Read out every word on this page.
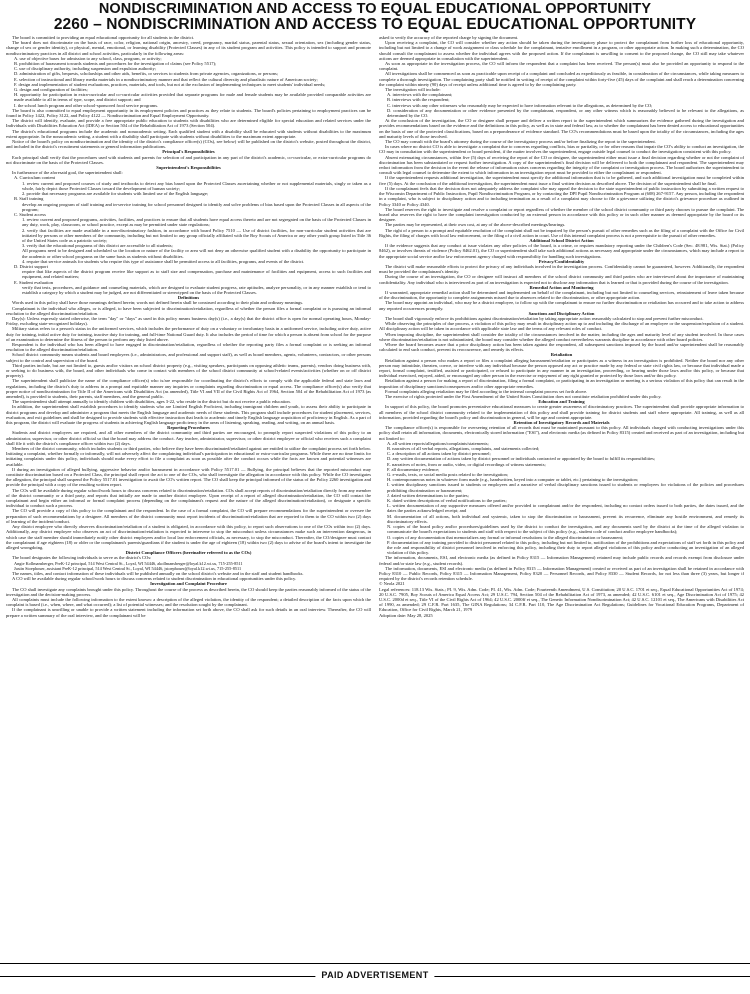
NONDISCRIMINATION AND ACCESS TO EQUAL EDUCATIONAL OPPORTUNITY
2260 – NONDISCRIMINATION AND ACCESS TO EQUAL EDUCATIONAL OPPORTUNITY

The board is committed to providing an equal educational opportunity for all students in the district.

The board does not discriminate on the basis of race, color, religion, national origin, ancestry, creed, pregnancy, marital status, parental status, sexual orientation, sex (including gender status, change of sex or gender identity), or physical, mental, emotional, or learning disability (Protected Classes) in any of its student program and activities. This policy is intended to support and promote nondiscriminatory practices in all district and school activities, particularly in the following areas:

A. use of objective bases for admission to any school, class, program, or activity;

B. prohibition of harassment towards students and procedures for the investigation of claims (see Policy 5517);

C. use of disciplinary authority, including suspension and expulsion authority;

D. administration of gifts, bequests, scholarships and other aids, benefits, or services to students from private agencies, organizations, or persons;

E. selection of instructional and library media materials in a nondiscriminatory manner and that reflect the cultural diversity and pluralistic nature of American society;

F. design and implementation of student evaluations, practices, materials, and tools, but not at the exclusion of implementing techniques to meet students' individual needs;

G. design and configuration of facilities;

H. opportunity for participation in extra-curricular and co-curricular activities provided that separate programs for male and female students may be available provided comparable activities are made available to all in terms of type, scope, and district support; and

I. the school lunch program and other school-sponsored food service programs.

The board is also committed to equal employment opportunity in its employment policies and practices as they relate to students. The board's policies pertaining to employment practices can be found in Policy 1422, Policy 3122, and Policy 4122 — Nondiscrimination and Equal Employment Opportunity.

The district will identify, evaluate, and provide a free appropriate public education to students with disabilities who are determined eligible for special education and related services under the Individuals with Disabilities Education Act (IDEA) or Section 504 of the Rehabilitation Act of 1973 (Section 504).

The district's educational programs include the academic and nonacademic setting. Each qualified student with a disability shall be educated with students without disabilities to the maximum extent appropriate. In the nonacademic setting, a student with a disability shall participate with students without disabilities to the maximum extent appropriate.

Notice of the board's policy on nondiscrimination and the identity of the district's compliance officer(s) (COs), see below) will be published on the district's website, posted throughout the district, and included in the district's recruitment statements or general information publications.

Principal's Responsibilities

Each principal shall verify that the procedures used with students and parents for selection of and participation in any part of the district's academic, co-curricular, or extra-curricular programs do not discriminate on the basis of the Protected Classes.

Superintendent's Responsibilities

In furtherance of the aforesaid goal, the superintendent shall:

A. Curriculum content

1. review current and proposed courses of study and textbooks to detect any bias based upon the Protected Classes ascertaining whether or not supplemental materials, singly or taken as a whole, fairly depict those Protected Classes toward the development of human society;

2. provide that necessary programs are available for students with limited use of the English language;

B. Staff training

develop an ongoing program of staff training and in-service training for school personnel designed to identify and solve problems of bias based upon the Protected Classes in all aspects of the program;

C. Student access

1. review current and proposed programs, activities, facilities, and practices to ensure that all students have equal access thereto and are not segregated on the basis of the Protected Classes in any duty, work, play, classroom, or school practice, except as may be permitted under state regulations;

2. verify that facilities are made available in a non-discriminatory fashion, in accordance with board Policy 7510 — Use of district facilities, for non-curricular student activities that are initiated by persons or other members of the community, including but not limited to any group officially affiliated with the Boy Scouts of America or any other youth group listed in Title 36 of the United States code as a patriotic society;

3. verify that the educational programs of this district are accessible to all students;

All programs need to be designed and scheduled so the location or nature of the facility or area will not deny an otherwise qualified student with a disability the opportunity to participate in the academic or other school programs on the same basis as students without disabilities.

4. require that service animals for students who require this type of assistance shall be permitted access to all facilities, programs, and events of the district.

D. District support

require that like aspects of the district program receive like support as to staff size and compensation, purchase and maintenance of facilities and equipment, access to such facilities and equipment, and related matters;

E. Student evaluation

verify that tests, procedures, and guidance and counseling materials, which are designed to evaluate student progress, rate aptitudes, analyze personality, or in any manner establish or tend to establish a category by which a student may be judged, are not differentiated or stereotyped on the basis of the Protected Classes.

Definitions

Words used in this policy shall have those meanings defined herein; words not defined herein shall be construed according to their plain and ordinary meanings.

Complainant is the individual who alleges, or is alleged, to have been subjected to discrimination/retaliation, regardless of whether the person files a formal complaint or is pursuing an informal resolution to the alleged discrimination/retaliation.

Day(s): Unless expressly stated otherwise, the term "day" or "days" as used in this policy means business day(s) (i.e., a day(s) that the district office is open for normal operating hours, Monday-Friday, excluding state-recognized holidays).

Military status refers to a person's status in the uniformed services, which includes the performance of duty on a voluntary or involuntary basis in a uniformed service, including active duty, active duty for training, initial active duty for training, inactive duty for training, and full-time National Guard duty. It also includes the period of time for which a person is absent from school for the purpose of an examination to determine the fitness of the person to perform any duty listed above.

Respondent is the individual who has been alleged to have engaged in discrimination/retaliation, regardless of whether the reporting party files a formal complaint or is seeking an informal resolution to the alleged discrimination/retaliation.

School district community means students and board employees (i.e., administrators, and professional and support staff), as well as board members, agents, volunteers, contractors, or other persons subject to the control and supervision of the board.

Third parties include, but are not limited to, guests and/or visitors on school district property (e.g., visiting speakers, participants on opposing athletic teams, parents), vendors doing business with, or seeking to do business with, the board, and other individuals who come in contact with members of the school district community at school-related events/activities (whether on or off district property).

The superintendent shall publicize the name of the compliance officer(s) who is/are responsible for coordinating the district's efforts to comply with the applicable federal and state laws and regulations, including the district's duty to address in a prompt and equitable manner any inquiries or complaints regarding discrimination or equal access. The compliance officer(s) also verify that proper notice of nondiscrimination for Title II of the Americans with Disabilities Act (as amended), Title VI and VII of the Civil Rights Act of 1964, Section 504 of the Rehabilitation Act of 1973 (as amended), is provided to students, their parents, staff members, and the general public.

The superintendent shall attempt annually to identify children with disabilities, ages 3-22, who reside in the district but do not receive a public education.

In addition, the superintendent shall establish procedures to identify students who are Limited English Proficient, including immigrant children and youth, to assess their ability to participate in district programs and develop and administer a program that meets the English language and academic needs of these students. This program shall include procedures for student placement, services, evaluation, and exit guidelines and shall be designed to provide students with effective instruction that leads to academic and timely English language acquisition of proficiency in English. As a part of this program, the district will evaluate the progress of students in achieving English language proficiency in the areas of listening, speaking, reading, and writing, on an annual basis.

Reporting Procedures

Students and district employees are required, and all other members of the district community and third parties are encouraged, to promptly report suspected violations of this policy to an administrator, supervisor, or other district official so that the board may address the conduct. Any teacher, administrator, supervisor, or other district employee or official who receives such a complaint shall file it with the district's compliance officer within two (2) days.

Members of the district community, which includes students or third parties, who believe they have been discriminated/retaliated against are entitled to utilize the complaint process set forth below. Initiating a complaint, whether formally or informally, will not adversely affect the complaining individual's participation in educational or extra-curricular programs. While there are no time limits for initiating complaints under this policy, individuals should make every effort to file a complaint as soon as possible after the conduct occurs while the facts are known and potential witnesses are available.

If during an investigation of alleged bullying, aggressive behavior and/or harassment in accordance with Policy 5517.01 — Bullying, the principal believes that the reported misconduct may constitute discrimination based on a Protected Class, the principal shall report the act to one of the COs, who shall investigate the allegation in accordance with this policy. While the CO investigates the allegation, the principal shall suspend the Policy 5517.01 investigation to await the CO's written report. The CO shall keep the principal informed of the status of the Policy 2260 investigation and provide the principal with a copy of the resulting written report.

The COs will be available during regular school/work hours to discuss concerns related to discrimination/retaliation. COs shall accept reports of discrimination/retaliation directly from any member of the district community or a third party, and reports that initially are made to another district employee. Upon receipt of a report of alleged discrimination/retaliation, the CO will contact the complainant and begin either an informal or formal complaint process (depending on the complainant's request and the nature of the alleged discrimination/retaliation), or designate a specific individual to conduct such a process.

The CO will provide a copy of this policy to the complainant and the respondent. In the case of a formal complaint, the CO will prepare recommendations for the superintendent or oversee the preparation of such recommendations by a designee. All members of the district community must report incidents of discrimination/retaliation that are reported to them to the CO within two (2) days of learning of the incident/conduct.

Any district employee who directly observes discrimination/retaliation of a student is obligated, in accordance with this policy, to report such observations to one of the COs within two (2) days. Additionally, any district employee who observes an act of discrimination/retaliation is expected to intervene to stop the misconduct unless circumstances make such an intervention dangerous, in which case the staff member should immediately notify other district employees and/or local law enforcement officials, as necessary, to stop the misconduct. Thereafter, the CO/designee must contact the complainant if age eighteen (18) or older or the complainant's parents/guardians if the student is under the age of eighteen (18) within two (2) days to advise of the board's intent to investigate the alleged wrongdoing.

District Compliance Officers (hereinafter referred to as the COs)

The board designates the following individuals to serve as the district's COs:

Angie Kollmansberger, PreK-12 principal, 514 West Central St., Loyal, WI 54446, akollmansberger@loyal.k12.wi.us, 715-255-8511

Justin Stoephouer, assistant PreK-12 principal, 514 West Central St., Loyal, WI 54446, jstoephouer@loyal.k12.wi.us, 715-255-8511

The names, titles, and contact information of these individuals will be published annually on the school district's website and in the staff and student handbooks.

A CO will be available during regular school/work hours to discuss concerns related to student discrimination in educational opportunities under this policy.

Investigation and Complaint Procedure

The CO shall investigate any complaints brought under this policy. Throughout the course of the process as described herein, the CO should keep the parties reasonably informed of the status of the investigation and the decision-making process.

All complaints must include the following information to the extent known: a description of the alleged violation, the identity of the respondent; a detailed description of the facts upon which the complaint is based (i.e., when, where, and what occurred); a list of potential witnesses; and the resolution sought by the complainant.

If the complainant is unwilling or unable to provide a written statement including the information set forth above, the CO shall ask for such details in an oral interview. Thereafter, the CO will prepare a written summary of the oral interview, and the complainant will be

asked to verify the accuracy of the reported charge by signing the document.

Upon receiving a complaint, the CO will consider whether any action should be taken during the investigatory phase to protect the complainant from further loss of educational opportunity, including but not limited to a change of work assignment or class schedule for the complainant, tentative enrollment in a program, or other appropriate action. In making such a determination, the CO should consult the complainant to assess whether the individual agrees with the proposed action. If the complainant is unwilling to consent to the proposed change, the CO still may take whatever actions are deemed appropriate in consultation with the superintendent.

As soon as appropriate in the investigation process, the CO will inform the respondent that a complaint has been received. The person(s) must also be provided an opportunity to respond to the complaint.

All investigations shall be commenced as soon as practicable upon receipt of a complaint and concluded as expeditiously as feasible, in consideration of the circumstances, while taking measures to complete a thorough investigation. The complaining party shall be notified in writing of receipt of the complaint within forty-five (45) days of the complaint and shall reach a determination concerning the complaint within ninety (90) days of receipt unless additional time is agreed to by the complaining party.

The investigation will include:

A. interviews with the complainant;

B. interviews with the respondent;

C. interviews with any other witnesses who reasonably may be expected to have information relevant to the allegations, as determined by the CO;

D. consideration of any documentation or other evidence presented by the complainant, respondent, or any other witness which is reasonably believed to be relevant to the allegations, as determined by the CO.

At the conclusion of the investigation, the CO or designee shall prepare and deliver a written report to the superintendent which summarizes the evidence gathered during the investigation and provides recommendations based on the evidence and the definitions in this policy, as well as in state and federal law, as to whether the complainant has been denied access to educational opportunities on the basis of one of the protected classifications, based on a preponderance of evidence standard. The CO's recommendations must be based upon the totality of the circumstances, including the ages and maturity levels of those involved.

The CO may consult with the board's attorney during the course of the investigatory process and/or before finalizing the report to the superintendent.

In cases where no district CO is able to investigate a complaint due to concerns regarding conflicts, bias or partiality, or for other reasons that impair the CO's ability to conduct an investigation, the CO may in consultation with the superintendent or board president, if the matter involves the superintendent, engage outside legal counsel to conduct the investigation consistent with this policy.

Absent extenuating circumstances, within five (5) days of receiving the report of the CO or designee, the superintendent either must issue a final decision regarding whether or not the complaint of discrimination has been substantiated or request further investigation. A copy of the superintendent's final decision will be delivered to both the complainant and respondent. The superintendent may redact information from the decision in the event the release of information raises concerns regarding the integrity of the complaint or investigation process. The board authorizes the superintendent to consult with legal counsel to determine the extent to which information in an investigation report must be provided to either the complainant or respondent.

If the superintendent requests additional investigation, the superintendent must specify the additional information that is to be gathered, and such additional investigation must be completed within five (5) days. At the conclusion of the additional investigation, the superintendent must issue a final written decision as described above. The decision of the superintendent shall be final.

If the complainant feels that the decision does not adequately address the complaint s/he may appeal the decision to the state superintendent of public instruction by submitting a written request to the Wisconsin Department of Public Instruction, Pupil Nondiscrimination Program, or by contacting the DPI Pupil Nondiscrimination Program at (608) 267-9157. Any person, including the respondent in a complaint, who is subject to disciplinary action and to including termination as a result of a complaint may choose to file a grievance utilizing the district's grievance procedure as outlined in Policy 3340 or Policy 4340.

The board reserves the right to investigate and resolve a complaint or report regardless of whether the member of the school district community or third party chooses to pursue the complaint. The board also reserves the right to have the complaint investigation conducted by an external person in accordance with this policy or in such other manner as deemed appropriate by the board or its designee.

The parties may be represented, at their own cost, at any of the above-described meetings/hearings.

The right of a person to a prompt and equitable resolution of the complaint shall not be impaired by the person's pursuit of other remedies such as the filing of a complaint with the Office for Civil Rights, the filing of charges with local law enforcement, or the filing of a civil action in court. Use of this internal complaint process is not a prerequisite to the pursuit of other remedies.

Additional School District Action

If the evidence suggests that any conduct at issue violates any other policies of the board, is a crime, or requires mandatory reporting under the Children's Code (Sec. 48.981, Wis. Stat.) (Policy 8462), or involves threats of violence (Policy 8462.01), the CO or superintendent shall take such additional actions as necessary and appropriate under the circumstances, which may include a report to the appropriate social service and/or law enforcement agency charged with responsibility for handling such investigations.

Privacy/Confidentiality

The district will make reasonable efforts to protect the privacy of any individuals involved in the investigation process. Confidentiality cannot be guaranteed, however. Additionally, the respondent must be provided the complainant's identity.

During the course of an investigation, the CO or designee will instruct all members of the school district community and third parties who are interviewed about the importance of maintaining confidentiality. Any individual who is interviewed as part of an investigation is expected not to disclose any information that is learned or that is provided during the course of the investigation.

Remedial Action and Monitoring

If warranted, appropriate remedial action shall be determined and implemented on behalf of the complainant, including but not limited to counseling services, reinstatement of leave taken because of the discrimination, the opportunity to complete assignments missed due to absences related to the discrimination, or other appropriate action.

The board may appoint an individual, who may be a district employee, to follow up with the complainant to ensure no further discrimination or retaliation has occurred and to take action to address any reported occurrences promptly.

Sanctions and Disciplinary Action

The board shall vigorously enforce its prohibitions against discrimination/retaliation by taking appropriate action reasonably calculated to stop and prevent further misconduct.

While observing the principles of due process, a violation of this policy may result in disciplinary action up to and including the discharge of an employee or the suspension/expulsion of a student. All disciplinary action will be taken in accordance with applicable state law and the terms of any relevant roles of conduct.

When imposing discipline, the superintendent shall consider the totality of the circumstances involved in the matter, including the ages and maturity level of any student involved. In those cases where discrimination/retaliation is not substantiated, the board may consider whether the alleged conduct nevertheless warrants discipline in accordance with other board policies.

Where the board becomes aware that a prior disciplinary action has been taken against the respondent, all subsequent sanctions imposed by the board and/or superintendent shall be reasonably calculated to end such conduct, prevent its reoccurrence, and remedy its effects.

Retaliation

Retaliation against a person who makes a report or files a complaint alleging harassment/retaliation or participates as a witness in an investigation is prohibited. Neither the board nor any other person may intimidate, threaten, coerce, or interfere with any individual because the person opposed any act or practice made by any federal or state civil rights law, or because that individual made a report, formal complaint, testified, assisted or participated, or refused to participate in any manner in an investigation, proceeding, or hearing under those laws and/or this policy, or because that individual exercised, enjoyed, aided, or encouraged any other person in the exercise or enjoyment of any right granted or protected by those laws and/or this policy.

Retaliation against a person for making a report of discrimination, filing a formal complaint, or participating in an investigation or meeting is a serious violation of this policy that can result in the imposition of disciplinary sanctions/consequences and/or other appropriate remedies.

Formal complaints alleging retaliation may be filed according to the internal complaint process set forth above.

The exercise of rights protected under the First Amendment of the United States Constitution does not constitute retaliation prohibited under this policy.

Education and Training

In support of this policy, the board promotes preventative educational measures to create greater awareness of discriminatory practices. The superintendent shall provide appropriate information to all members of the school district community related to the implementation of this policy and shall provide training for district students and staff where appropriate. All training, as well as all information, provided regarding the board's policy and discrimination in general, will be age and content appropriate.

Retention of Investigatory Records and Materials

The compliance officer(s) is responsible for overseeing retention of all records that must be maintained pursuant to this policy. All individuals charged with conducting investigations under this policy shall retain all information, documents, electronically stored information ("ESI"), and electronic media (as defined in Policy 8315) created and received as part of an investigation, including but not limited to:

A. all written reports/allegations/complaints/statements;

B. narratives of all verbal reports, allegations, complaints, and statements collected;

C. a description of all actions taken by district personnel;

D. any written documentation of actions taken by district personnel or individuals contracted or appointed by the board to fulfill its responsibilities;

E. narratives of notes, from or audio, video, or digital recordings of witness statements;

F. all documentary evidence;

G. e-mails, texts, or social media posts related to the investigation;

H. contemporaneous notes in whatever form made (e.g., handwritten, keyed into a computer or tablet, etc.) pertaining to the investigation;

I. written disciplinary sanctions issued to students or employees and a narrative of verbal disciplinary sanctions issued to students or employees for violations of the policies and procedures prohibiting discrimination or harassment;

J. dated written determinations to the parties;

K. dated written descriptions of verbal notifications to the parties;

L. written documentation of any supportive measures offered and/or provided to complainant and/or the respondent, including no contact orders issued to both parties, the dates issued, and the dates the parties acknowledged receipt; and

M. documentation of all actions, both individual and systemic, taken to stop the discrimination or harassment, prevent its recurrence, eliminate any hostile environment, and remedy its discriminatory effects.

N. copies of the board policy and/or procedures/guidelines used by the district to conduct the investigation, and any documents used by the district at the time of the alleged violation to communicate the board's expectations to students and staff with respect to the subject of this policy (e.g., student code of conduct and/or employee handbooks);

O. copies of any documentation that memorializes any formal or informal resolutions to the alleged discrimination or harassment;

P. documentation of any training provided to district personnel related to this policy, including but not limited to, notification of the prohibitions and expectations of staff set forth in this policy and the role and responsibility of district personnel involved in enforcing this policy, including their duty to report alleged violations of this policy and/or conducting an investigation of an alleged violation of this policy.

The information, documents, ESI, and electronic media (as defined in Policy 8315 — Information Management) retained may include public records and records exempt from disclosure under federal and/or state law (e.g., student records).

The information, documents, ESI and electronic media (as defined in Policy 8315 — Information Management) created or received as part of an investigation shall be retained in accordance with Policy 8310 — Public Records, Policy 8315 — Information Management, Policy 8320 — Personnel Records, and Policy 8330 — Student Records, for not less than three (3) years, but longer if required by the district's records retention schedule.

© Neola 2021

Legal references: 118.13 Wis. Stats.; PI. 9, Wis. Adm. Code; PI. 41, Wis. Adm. Code; Fourteenth Amendment, U.S. Constitution; 20 U.S.C. 1701 et seq., Equal Educational Opportunities Act of 1974; 20 U.S.C. 7905, Boy Scouts of America Equal Access Act; 29 U.S.C. 794, Section 504 of the Rehabilitation Act of 1973, as amended; 42 U.S.C. 6101 et seq., Age Discrimination Act of 1975; 42 U.S.C. 2000d et seq., Title VI of the Civil Rights Act of 1964; 42 U.S.C. 2000ff et seq., The Genetic Information Nondiscrimination Act; 42 U.S.C. 12101 et seq., The Americans with Disabilities Act of 1990, as amended; 29 C.F.R. Part 1635, The GINA Regulations; 34 C.F.R. Part 110, The Age Discrimination Act Regulations; Guidelines for Vocational Education Programs, Department of Education, Office for Civil Rights, March 21, 1979

Adoption date: May 28, 2025

PAID ADVERTISEMENT
